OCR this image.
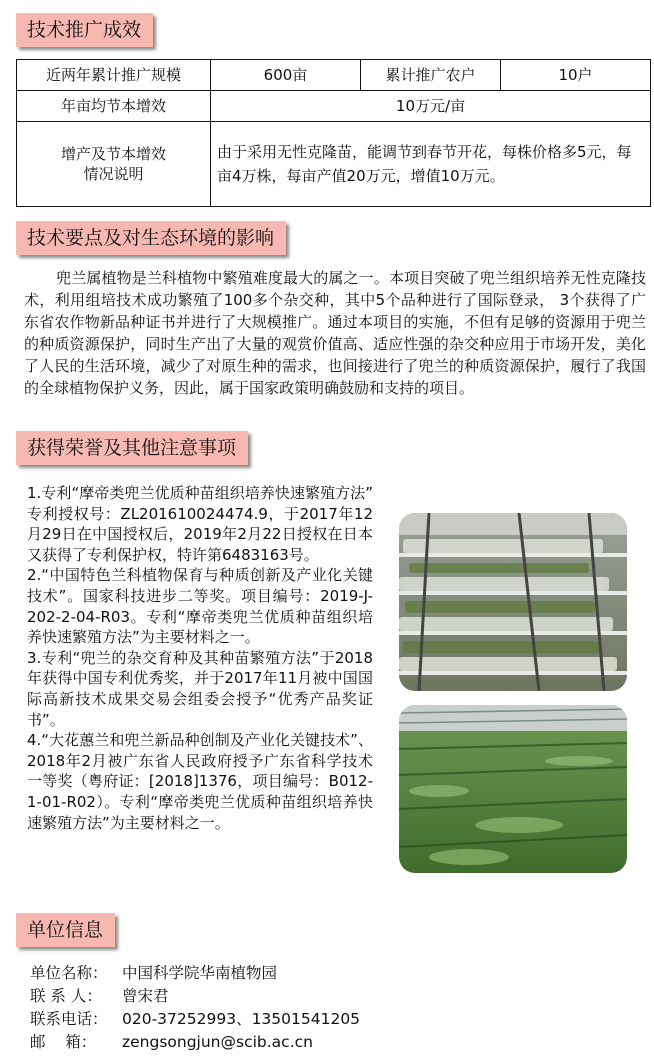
技术推广成效
近两年累计推广规模	600亩	累计推广农户	10户
年亩均节本增效	10万元/亩		

增产及节本增效
情况说明	由于采用无性克隆苗，能调节到春节开花，每株价格多5元，每亩4万株，每亩产值20万元，增值10万元。		
技术要点及对生态环境的影响

兜兰属植物是兰科植物中繁殖难度最大的属之一。本项目突破了兜兰组织培养无性克隆技术，利用组培技术成功繁殖了100多个杂交种，其中5个品种进行了国际登录， 3个获得了广东省农作物新品种证书并进行了大规模推广。通过本项目的实施，不但有足够的资源用于兜兰的种质资源保护，同时生产出了大量的观赏价值高、适应性强的杂交种应用于市场开发，美化了人民的生活环境，减少了对原生种的需求，也间接进行了兜兰的种质资源保护，履行了我国的全球植物保护义务，因此，属于国家政策明确鼓励和支持的项目。

获得荣誉及其他注意事项
1.专利“摩帝类兜兰优质种苗组织培养快速繁殖方法” 专利授权号：ZL201610024474.9，于2017年12月29日在中国授权后，2019年2月22日授权在日本又获得了专利保护权，特许第6483163号。
2.“中国特色兰科植物保育与种质创新及产业化关键技术”。国家科技进步二等奖。项目编号：2019-J-202-2-04-R03。专利“摩帝类兜兰优质种苗组织培养快速繁殖方法”为主要材料之一。
3.专利“兜兰的杂交育种及其种苗繁殖方法”于2018年获得中国专利优秀奖，并于2017年11月被中国国际高新技术成果交易会组委会授予“优秀产品奖证书”。
4.“大花蕙兰和兜兰新品种创制及产业化关键技术”、2018年2月被广东省人民政府授予广东省科学技术一等奖（粤府证：[2018]1376，项目编号：B012-1-01-R02）。专利“摩帝类兜兰优质种苗组织培养快速繁殖方法”为主要材料之一。
单位信息
单位名称： 中国科学院华南植物园
联 系 人： 曾宋君
联系电话： 020-37252993、13501541205
邮    箱： zengsongjun@scib.ac.cn
